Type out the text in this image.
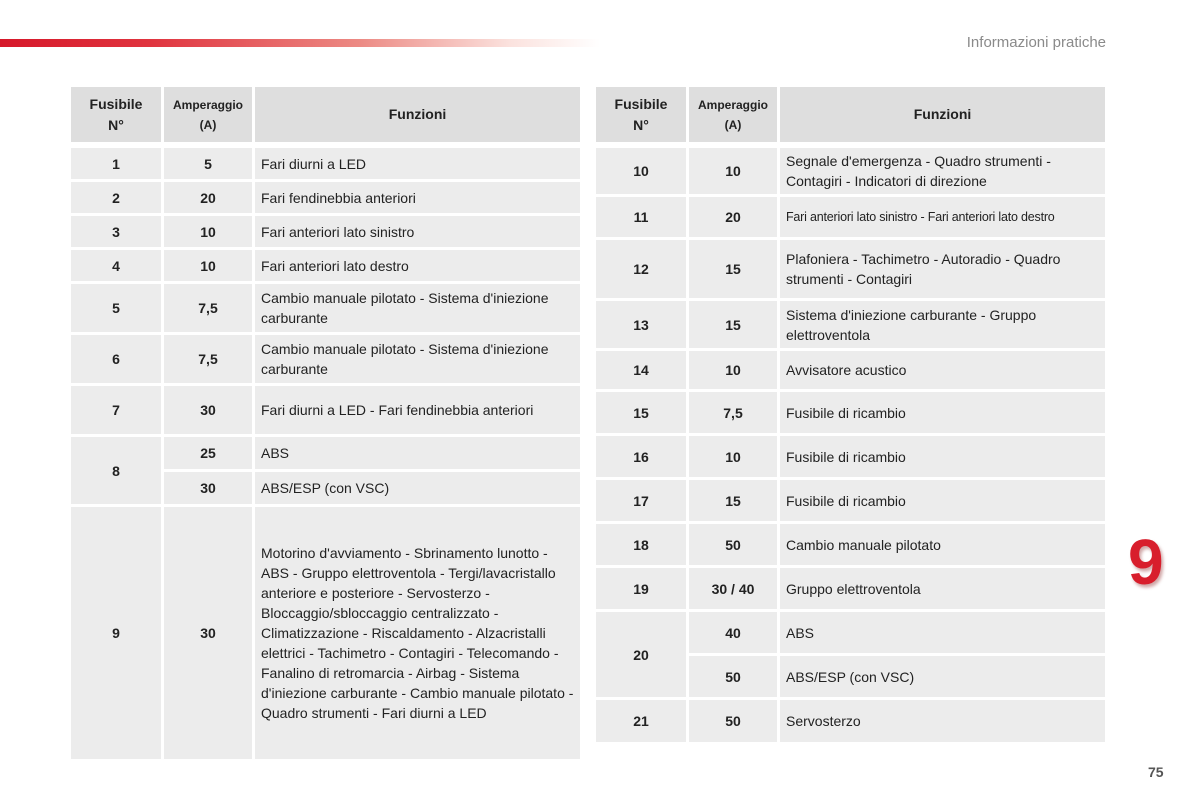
Informazioni pratiche
Fusibile N°	Amperaggio (A)	Funzioni

1	5	Fari diurni a LED
2	20	Fari fendinebbia anteriori
3	10	Fari anteriori lato sinistro
4	10	Fari anteriori lato destro
5	7,5	Cambio manuale pilotato - Sistema d'iniezione carburante
6	7,5	Cambio manuale pilotato - Sistema d'iniezione carburante
7	30	Fari diurni a LED - Fari fendinebbia anteriori
8	25	ABS
	30	ABS/ESP (con VSC)
9	30	Motorino d'avviamento - Sbrinamento lunotto - ABS - Gruppo elettroventola - Tergi/lavacristallo anteriore e posteriore - Servosterzo - Bloccaggio/sbloccaggio centralizzato - Climatizzazione - Riscaldamento - Alzacristalli elettrici - Tachimetro - Contagiri - Telecomando - Fanalino di retromarcia - Airbag - Sistema d'iniezione carburante - Cambio manuale pilotato - Quadro strumenti - Fari diurni a LED
Fusibile N°	Amperaggio (A)	Funzioni

10	10	Segnale d'emergenza - Quadro strumenti - Contagiri - Indicatori di direzione
11	20	Fari anteriori lato sinistro - Fari anteriori lato destro
12	15	Plafoniera - Tachimetro - Autoradio - Quadro strumenti - Contagiri
13	15	Sistema d'iniezione carburante - Gruppo elettroventola
14	10	Avvisatore acustico
15	7,5	Fusibile di ricambio
16	10	Fusibile di ricambio
17	15	Fusibile di ricambio
18	50	Cambio manuale pilotato
19	30 / 40	Gruppo elettroventola
20	40	ABS
	50	ABS/ESP (con VSC)
21	50	Servosterzo
9
75
